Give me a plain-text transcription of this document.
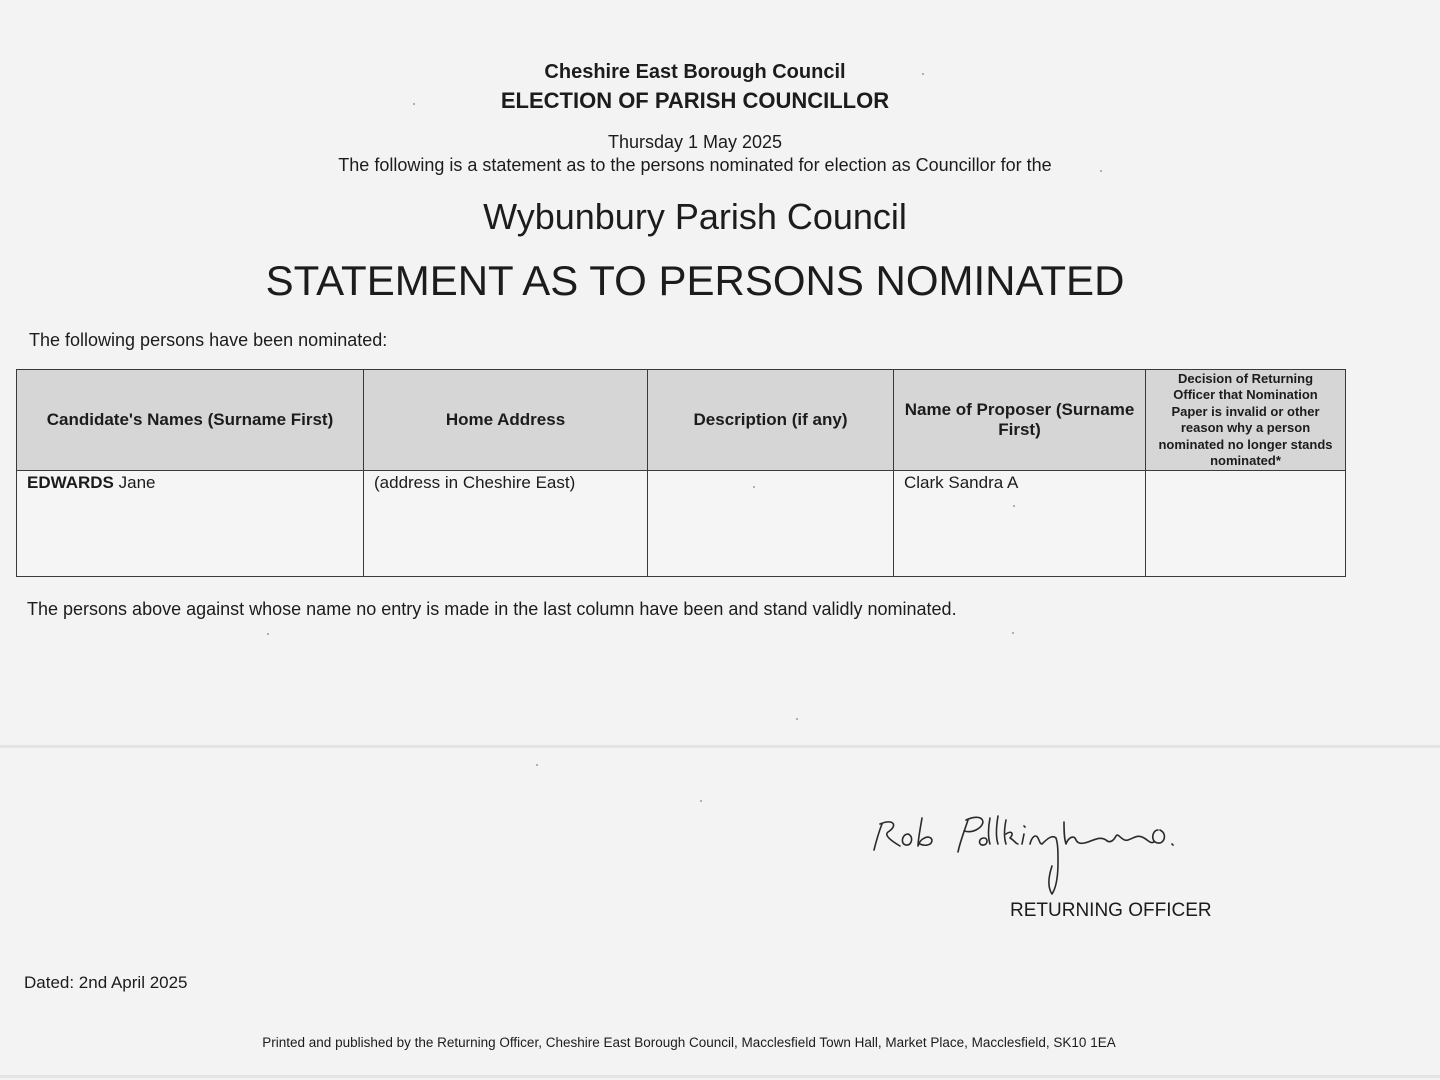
Cheshire East Borough Council
ELECTION OF PARISH COUNCILLOR
Thursday 1 May 2025
The following is a statement as to the persons nominated for election as Councillor for the
Wybunbury Parish Council
STATEMENT AS TO PERSONS NOMINATED
The following persons have been nominated:
Candidate's Names (Surname First)	Home Address	Description (if any)	Name of Proposer (Surname First)	Decision of Returning Officer that Nomination Paper is invalid or other reason why a person nominated no longer stands nominated*
EDWARDS Jane	(address in Cheshire East)		Clark Sandra A	
The persons above against whose name no entry is made in the last column have been and stand validly nominated.
RETURNING OFFICER
Dated: 2nd April 2025
Printed and published by the Returning Officer, Cheshire East Borough Council, Macclesfield Town Hall, Market Place, Macclesfield, SK10 1EA
